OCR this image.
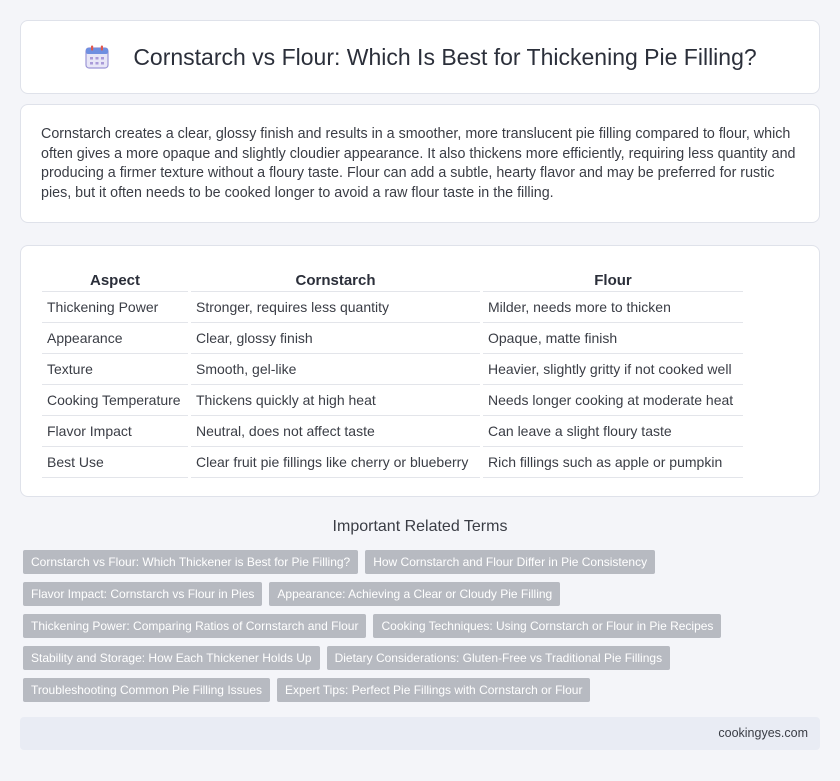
Cornstarch vs Flour: Which Is Best for Thickening Pie Filling?

Cornstarch creates a clear, glossy finish and results in a smoother, more translucent pie filling compared to flour, which often gives a more opaque and slightly cloudier appearance. It also thickens more efficiently, requiring less quantity and producing a firmer texture without a floury taste. Flour can add a subtle, hearty flavor and may be preferred for rustic pies, but it often needs to be cooked longer to avoid a raw flour taste in the filling.

Aspect	Cornstarch	Flour
Thickening Power	Stronger, requires less quantity	Milder, needs more to thicken
Appearance	Clear, glossy finish	Opaque, matte finish
Texture	Smooth, gel-like	Heavier, slightly gritty if not cooked well
Cooking Temperature	Thickens quickly at high heat	Needs longer cooking at moderate heat
Flavor Impact	Neutral, does not affect taste	Can leave a slight floury taste
Best Use	Clear fruit pie fillings like cherry or blueberry	Rich fillings such as apple or pumpkin
Important Related Terms
Cornstarch vs Flour: Which Thickener is Best for Pie Filling?	How Cornstarch and Flour Differ in Pie Consistency
Flavor Impact: Cornstarch vs Flour in Pies	Appearance: Achieving a Clear or Cloudy Pie Filling
Thickening Power: Comparing Ratios of Cornstarch and Flour	Cooking Techniques: Using Cornstarch or Flour in Pie Recipes
Stability and Storage: How Each Thickener Holds Up	Dietary Considerations: Gluten-Free vs Traditional Pie Fillings
Troubleshooting Common Pie Filling Issues	Expert Tips: Perfect Pie Fillings with Cornstarch or Flour
cookingyes.com
